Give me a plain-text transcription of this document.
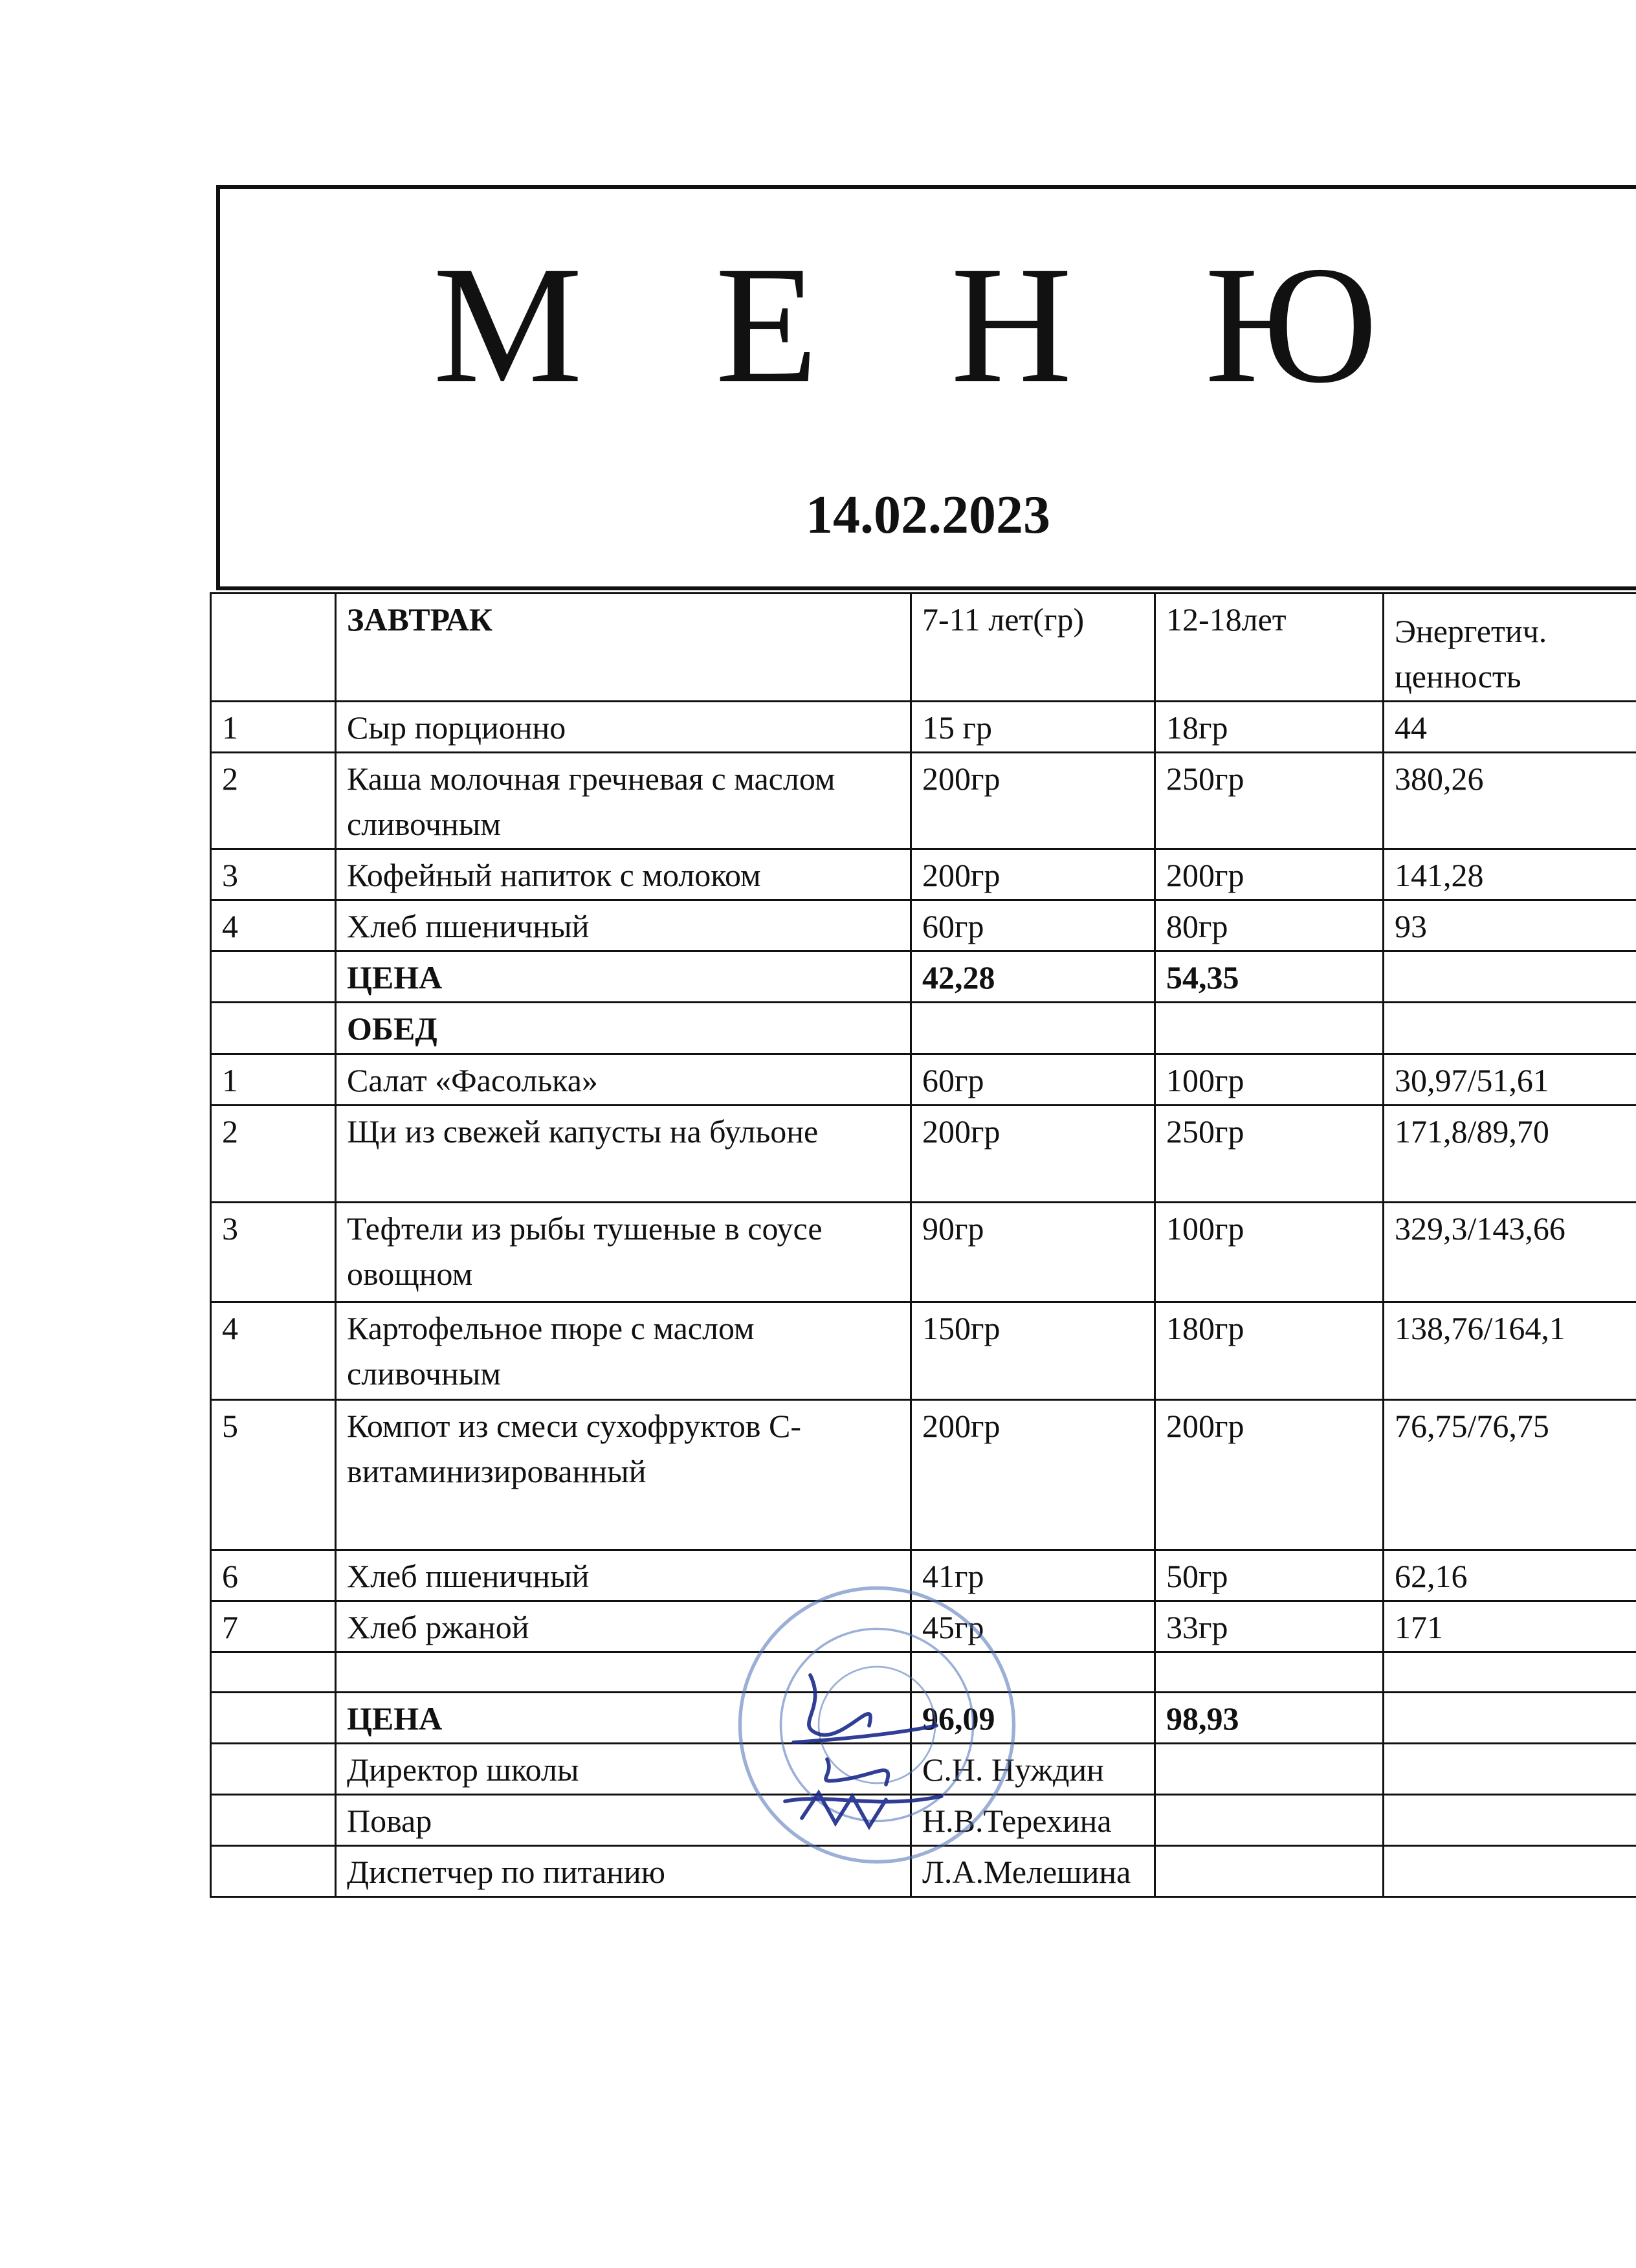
М Е Н Ю
14.02.2023
	ЗАВТРАК	7-11 лет(гр)	12-18лет	Энергетич. ценность
1	Сыр порционно	15 гр	18гр	44
2	Каша молочная гречневая с маслом сливочным	200гр	250гр	380,26
3	Кофейный напиток с молоком	200гр	200гр	141,28
4	Хлеб пшеничный	60гр	80гр	93
	ЦЕНА	42,28	54,35	
	ОБЕД			
1	Салат «Фасолька»	60гр	100гр	30,97/51,61
2	Щи из свежей капусты на бульоне	200гр	250гр	171,8/89,70
3	Тефтели из рыбы тушеные в соусе овощном	90гр	100гр	329,3/143,66
4	Картофельное пюре с маслом сливочным	150гр	180гр	138,76/164,1
5	Компот из смеси сухофруктов С-витаминизированный	200гр	200гр	76,75/76,75
6	Хлеб пшеничный	41гр	50гр	62,16
7	Хлеб ржаной	45гр	33гр	171

	ЦЕНА	96,09	98,93	
	Директор школы	С.Н. Нуждин		
	Повар	Н.В.Терехина		
	Диспетчер по питанию	Л.А.Мелешина		
